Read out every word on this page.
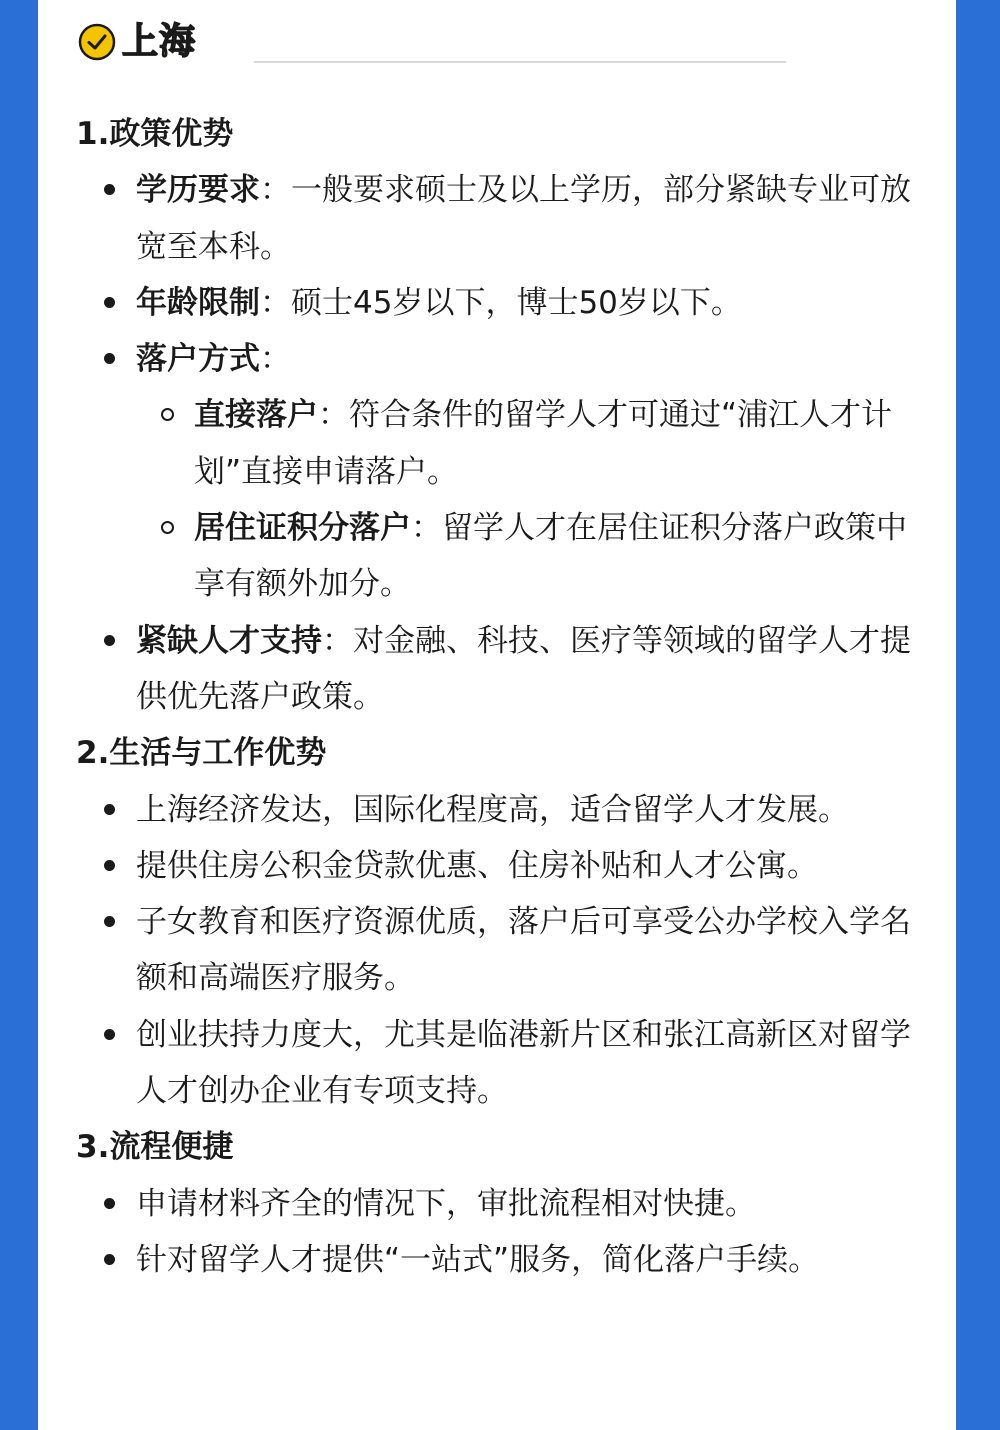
上海
1.政策优势
学历要求：一般要求硕士及以上学历，部分紧缺专业可放宽至本科。
年龄限制：硕士45岁以下，博士50岁以下。
落户方式：
直接落户：符合条件的留学人才可通过“浦江人才计划”直接申请落户。
居住证积分落户：留学人才在居住证积分落户政策中享有额外加分。
紧缺人才支持：对金融、科技、医疗等领域的留学人才提供优先落户政策。
2.生活与工作优势
上海经济发达，国际化程度高，适合留学人才发展。
提供住房公积金贷款优惠、住房补贴和人才公寓。
子女教育和医疗资源优质，落户后可享受公办学校入学名额和高端医疗服务。
创业扶持力度大，尤其是临港新片区和张江高新区对留学人才创办企业有专项支持。
3.流程便捷
申请材料齐全的情况下，审批流程相对快捷。
针对留学人才提供“一站式”服务，简化落户手续。
